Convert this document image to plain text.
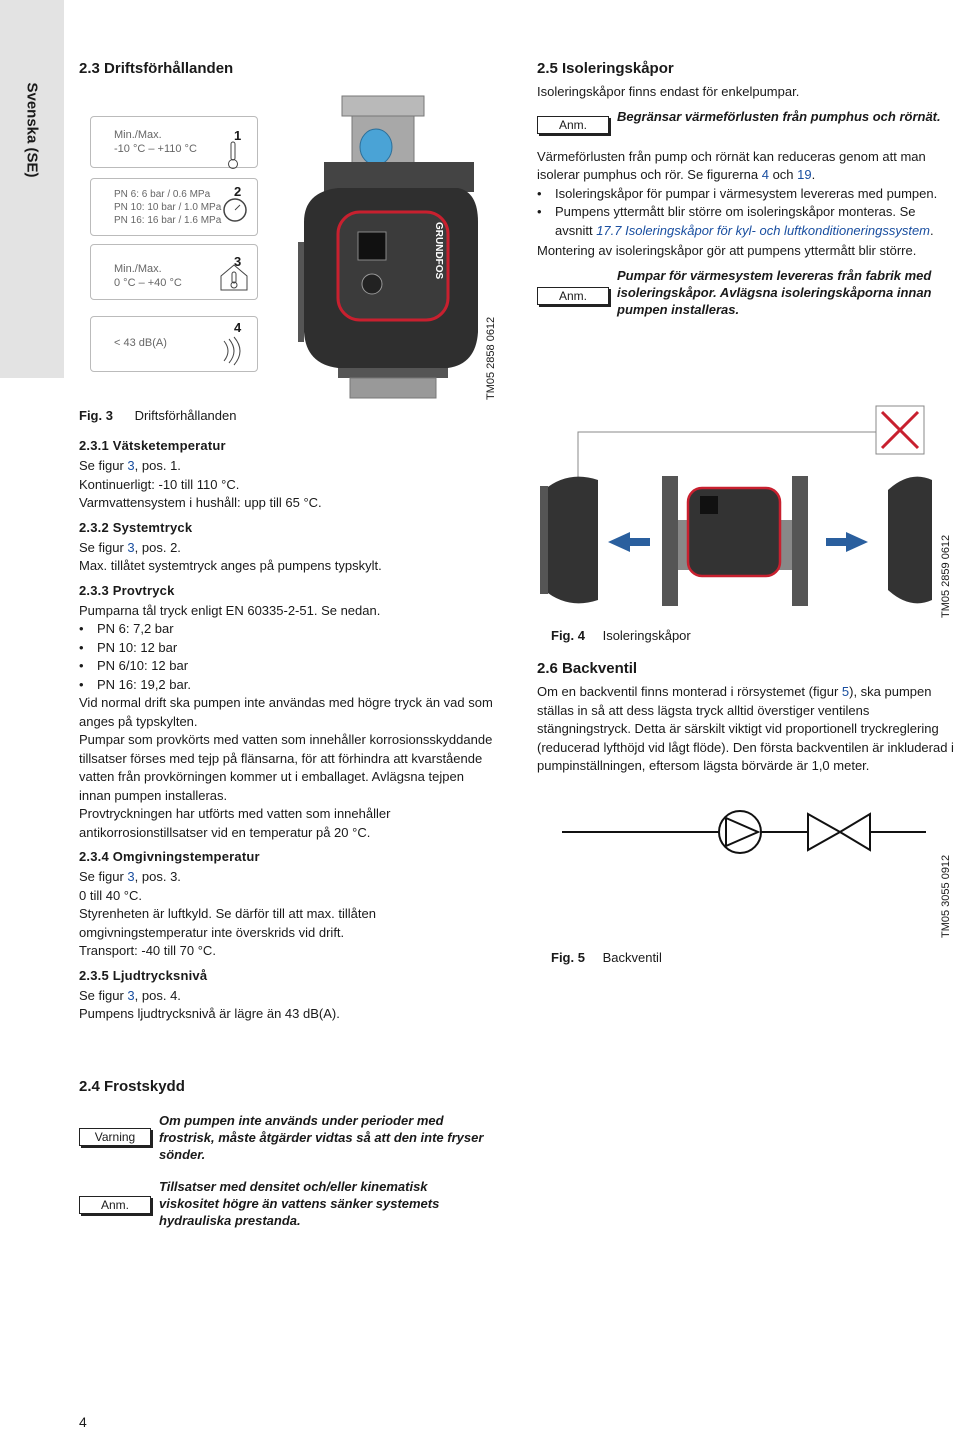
Svenska (SE)
2.3 Driftsförhållanden
Min./Max.
-10 °C – +110 °C
1
PN 6: 6 bar / 0.6 MPa
PN 10: 10 bar / 1.0 MPa
PN 16: 16 bar / 1.6 MPa
2
Min./Max.
0 °C – +40 °C
3
< 43 dB(A)
4
GRUNDFOS
TM05 2858 0612
Fig. 3 Driftsförhållanden
2.3.1 Vätsketemperatur
Se figur 3, pos. 1.
Kontinuerligt: -10 till 110 °C.
Varmvattensystem i hushåll: upp till 65 °C.
2.3.2 Systemtryck
Se figur 3, pos. 2.
Max. tillåtet systemtryck anges på pumpens typskylt.
2.3.3 Provtryck
Pumparna tål tryck enligt EN 60335-2-51. Se nedan.
• PN 6: 7,2 bar
• PN 10: 12 bar
• PN 6/10: 12 bar
• PN 16: 19,2 bar.
Vid normal drift ska pumpen inte användas med högre tryck än vad som anges på typskylten.
Pumpar som provkörts med vatten som innehåller korrosionsskyddande tillsatser förses med tejp på flänsarna, för att förhindra att kvarstående vatten från provkörningen kommer ut i emballaget. Avlägsna tejpen innan pumpen installeras.
Provtryckningen har utförts med vatten som innehåller antikorrosionstillsatser vid en temperatur på 20 °C.
2.3.4 Omgivningstemperatur
Se figur 3, pos. 3.
0 till 40 °C.
Styrenheten är luftkyld. Se därför till att max. tillåten omgivningstemperatur inte överskrids vid drift.
Transport: -40 till 70 °C.
2.3.5 Ljudtrycksnivå
Se figur 3, pos. 4.
Pumpens ljudtrycksnivå är lägre än 43 dB(A).
2.4 Frostskydd
Varning
Om pumpen inte används under perioder med frostrisk, måste åtgärder vidtas så att den inte fryser sönder.
Anm.
Tillsatser med densitet och/eller kinematisk viskositet högre än vattens sänker systemets hydrauliska prestanda.
4
2.5 Isoleringskåpor
Isoleringskåpor finns endast för enkelpumpar.
Anm.
Begränsar värmeförlusten från pumphus och rörnät.
Värmeförlusten från pump och rörnät kan reduceras genom att man isolerar pumphus och rör. Se figurerna 4 och 19.
• Isoleringskåpor för pumpar i värmesystem levereras med pumpen.
• Pumpens yttermått blir större om isoleringskåpor monteras. Se avsnitt 17.7 Isoleringskåpor för kyl- och luftkonditioneringssystem.
Montering av isoleringskåpor gör att pumpens yttermått blir större.
Anm.
Pumpar för värmesystem levereras från fabrik med isoleringskåpor. Avlägsna isoleringskåporna innan pumpen installeras.
TM05 2859 0612
Fig. 4 Isoleringskåpor
2.6 Backventil
Om en backventil finns monterad i rörsystemet (figur 5), ska pumpen ställas in så att dess lägsta tryck alltid överstiger ventilens stängningstryck. Detta är särskilt viktigt vid proportionell tryckreglering (reducerad lyfthöjd vid lågt flöde). Den första backventilen är inkluderad i pumpinställningen, eftersom lägsta börvärde är 1,0 meter.
TM05 3055 0912
Fig. 5 Backventil
